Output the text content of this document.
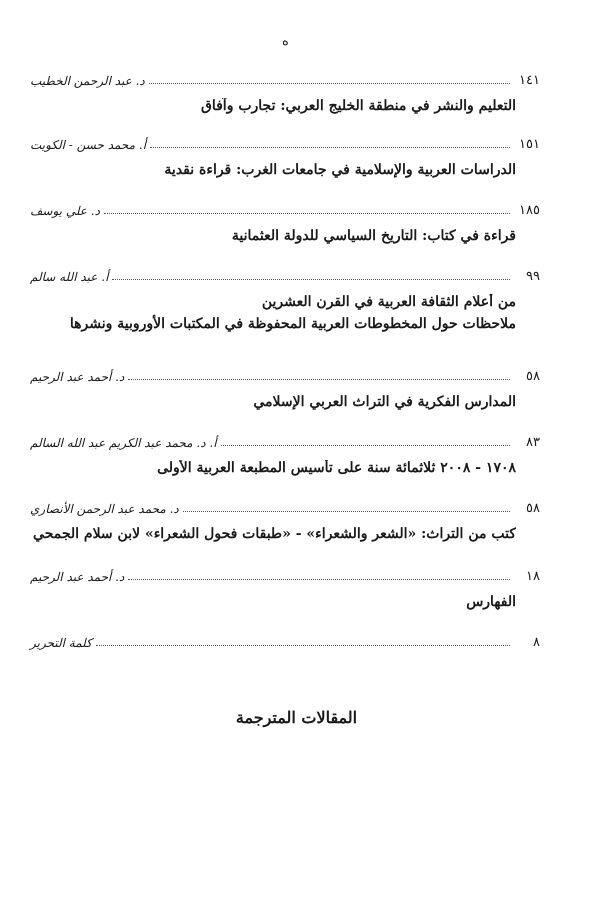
ه
١٤١
د. عبد الرحمن الخطيب
التعليم والنشر في منطقة الخليج العربي: تجارب وآفاق
١٥١
أ. محمد حسن - الكويت
الدراسات العربية والإسلامية في جامعات الغرب: قراءة نقدية
١٨٥
د. علي يوسف
قراءة في كتاب: التاريخ السياسي للدولة العثمانية
٩٩
أ. عبد الله سالم
من أعلام الثقافة العربية في القرن العشرين
ملاحظات حول المخطوطات العربية المحفوظة في المكتبات الأوروبية ونشرها
٥٨
د. أحمد عبد الرحيم
المدارس الفكرية في التراث العربي الإسلامي
٨٣
أ. د. محمد عبد الكريم عبد الله السالم
١٧٠٨ - ٢٠٠٨ ثلاثمائة سنة على تأسيس المطبعة العربية الأولى
٥٨
د. محمد عبد الرحمن الأنصاري
كتب من التراث: «الشعر والشعراء» - «طبقات فحول الشعراء» لابن سلام الجمحي
١٨
د. أحمد عبد الرحيم
الفهارس
٨
كلمة التحرير
المقالات المترجمة
